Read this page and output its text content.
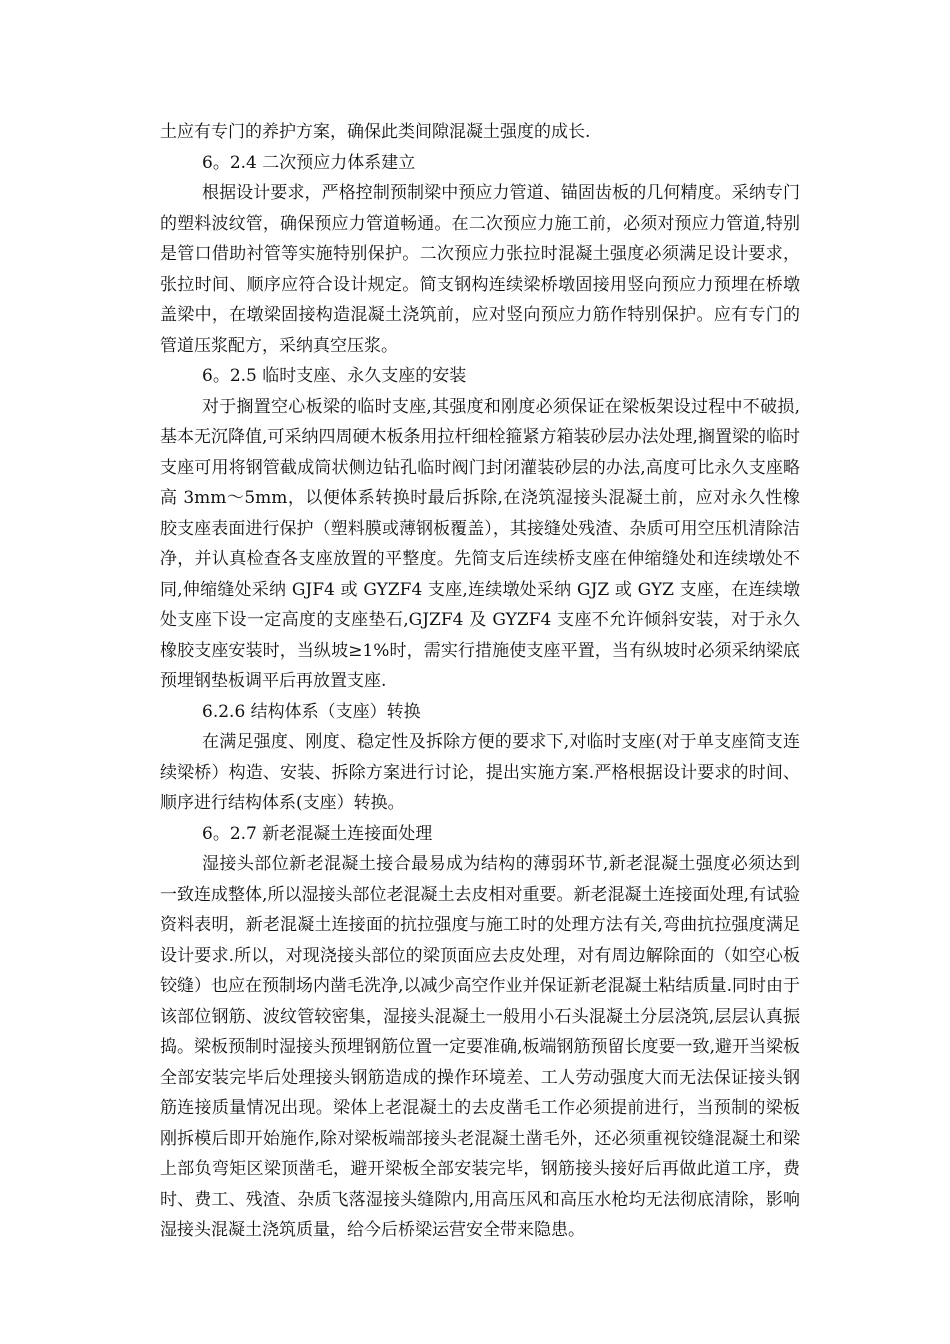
土应有专门的养护方案，确保此类间隙混凝土强度的成长.

6。2.4 二次预应力体系建立

根据设计要求，严格控制预制梁中预应力管道、锚固齿板的几何精度。采纳专门的塑料波纹管，确保预应力管道畅通。在二次预应力施工前，必须对预应力管道,特别是管口借助衬管等实施特别保护。二次预应力张拉时混凝土强度必须满足设计要求，张拉时间、顺序应符合设计规定。简支钢构连续梁桥墩固接用竖向预应力预埋在桥墩盖梁中，在墩梁固接构造混凝土浇筑前，应对竖向预应力筋作特别保护。应有专门的管道压浆配方，采纳真空压浆。

6。2.5 临时支座、永久支座的安装

对于搁置空心板梁的临时支座,其强度和刚度必须保证在梁板架设过程中不破损,基本无沉降值,可采纳四周硬木板条用拉杆细栓箍紧方箱装砂层办法处理,搁置梁的临时支座可用将钢管截成筒状侧边钻孔临时阀门封闭灌装砂层的办法,高度可比永久支座略高 3mm～5mm，以便体系转换时最后拆除,在浇筑湿接头混凝土前，应对永久性橡胶支座表面进行保护（塑料膜或薄钢板覆盖），其接缝处残渣、杂质可用空压机清除洁净，并认真检查各支座放置的平整度。先简支后连续桥支座在伸缩缝处和连续墩处不同,伸缩缝处采纳 GJF4 或 GYZF4 支座,连续墩处采纳 GJZ 或 GYZ 支座，在连续墩处支座下设一定高度的支座垫石,GJZF4 及 GYZF4 支座不允许倾斜安装，对于永久橡胶支座安装时，当纵坡≥1%时，需实行措施使支座平置，当有纵坡时必须采纳梁底预埋钢垫板调平后再放置支座.

6.2.6 结构体系（支座）转换

在满足强度、刚度、稳定性及拆除方便的要求下,对临时支座(对于单支座简支连续梁桥）构造、安装、拆除方案进行讨论，提出实施方案.严格根据设计要求的时间、顺序进行结构体系(支座）转换。

6。2.7 新老混凝土连接面处理

湿接头部位新老混凝土接合最易成为结构的薄弱环节,新老混凝土强度必须达到一致连成整体,所以湿接头部位老混凝土去皮相对重要。新老混凝土连接面处理,有试验资料表明，新老混凝土连接面的抗拉强度与施工时的处理方法有关,弯曲抗拉强度满足设计要求.所以，对现浇接头部位的梁顶面应去皮处理，对有周边解除面的（如空心板铰缝）也应在预制场内凿毛洗净,以减少高空作业并保证新老混凝土粘结质量.同时由于该部位钢筋、波纹管较密集，湿接头混凝土一般用小石头混凝土分层浇筑,层层认真振捣。梁板预制时湿接头预埋钢筋位置一定要准确,板端钢筋预留长度要一致,避开当梁板全部安装完毕后处理接头钢筋造成的操作环境差、工人劳动强度大而无法保证接头钢筋连接质量情况出现。梁体上老混凝土的去皮凿毛工作必须提前进行，当预制的梁板刚拆模后即开始施作,除对梁板端部接头老混凝土凿毛外，还必须重视铰缝混凝土和梁上部负弯矩区梁顶凿毛，避开梁板全部安装完毕，钢筋接头接好后再做此道工序，费时、费工、残渣、杂质飞落湿接头缝隙内,用高压风和高压水枪均无法彻底清除，影响湿接头混凝土浇筑质量，给今后桥梁运营安全带来隐患。
